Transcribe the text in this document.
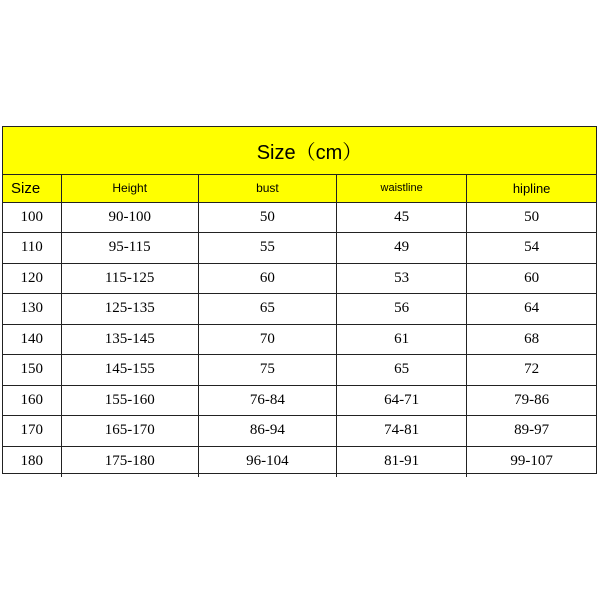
Size（cm）
Size	Height	bust	waistline	hipline
100	90-100	50	45	50
110	95-115	55	49	54
120	115-125	60	53	60
130	125-135	65	56	64
140	135-145	70	61	68
150	145-155	75	65	72
160	155-160	76-84	64-71	79-86
170	165-170	86-94	74-81	89-97
180	175-180	96-104	81-91	99-107
